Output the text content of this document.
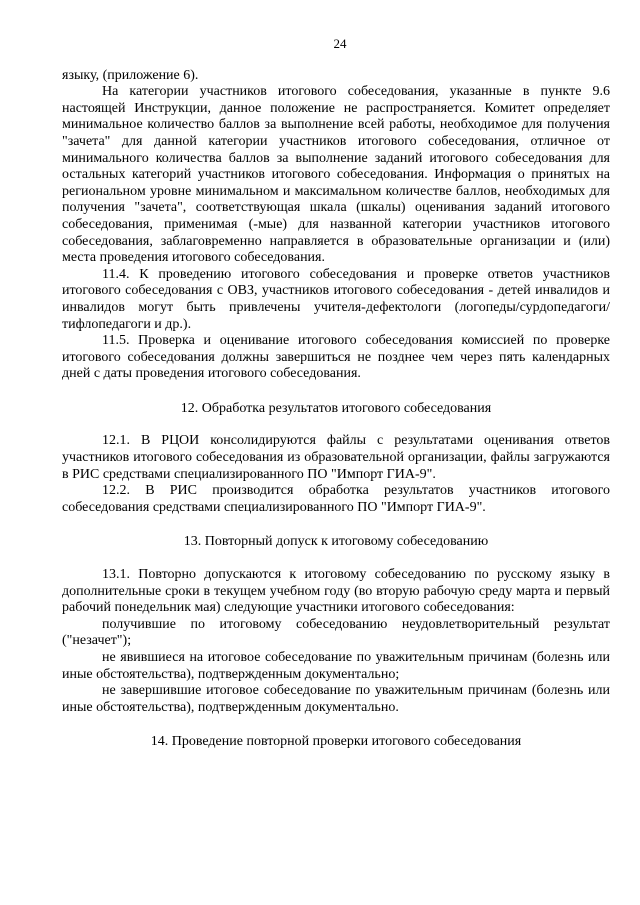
24

языку, (приложение 6).

На категории участников итогового собеседования, указанные в пункте 9.6 настоящей Инструкции, данное положение не распространяется. Комитет определяет минимальное количество баллов за выполнение всей работы, необходимое для получения "зачета" для данной категории участников итогового собеседования, отличное от минимального количества баллов за выполнение заданий итогового собеседования для остальных категорий участников итогового собеседования. Информация о принятых на региональном уровне минимальном и максимальном количестве баллов, необходимых для получения "зачета", соответствующая шкала (шкалы) оценивания заданий итогового собеседования, применимая (-мые) для названной категории участников итогового собеседования, заблаговременно направляется в образовательные организации и (или) места проведения итогового собеседования.

11.4. К проведению итогового собеседования и проверке ответов участников итогового собеседования с ОВЗ, участников итогового собеседования - детей инвалидов и инвалидов могут быть привлечены учителя-дефектологи (логопеды/сурдопедагоги/тифлопедагоги и др.).

11.5. Проверка и оценивание итогового собеседования комиссией по проверке итогового собеседования должны завершиться не позднее чем через пять календарных дней с даты проведения итогового собеседования.

12. Обработка результатов итогового собеседования

12.1. В РЦОИ консолидируются файлы с результатами оценивания ответов участников итогового собеседования из образовательной организации, файлы загружаются в РИС средствами специализированного ПО "Импорт ГИА-9".

12.2. В РИС производится обработка результатов участников итогового собеседования средствами специализированного ПО "Импорт ГИА-9".

13. Повторный допуск к итоговому собеседованию

13.1. Повторно допускаются к итоговому собеседованию по русскому языку в дополнительные сроки в текущем учебном году (во вторую рабочую среду марта и первый рабочий понедельник мая) следующие участники итогового собеседования:

получившие по итоговому собеседованию неудовлетворительный результат ("незачет");

не явившиеся на итоговое собеседование по уважительным причинам (болезнь или иные обстоятельства), подтвержденным документально;

не завершившие итоговое собеседование по уважительным причинам (болезнь или иные обстоятельства), подтвержденным документально.

14. Проведение повторной проверки итогового собеседования
